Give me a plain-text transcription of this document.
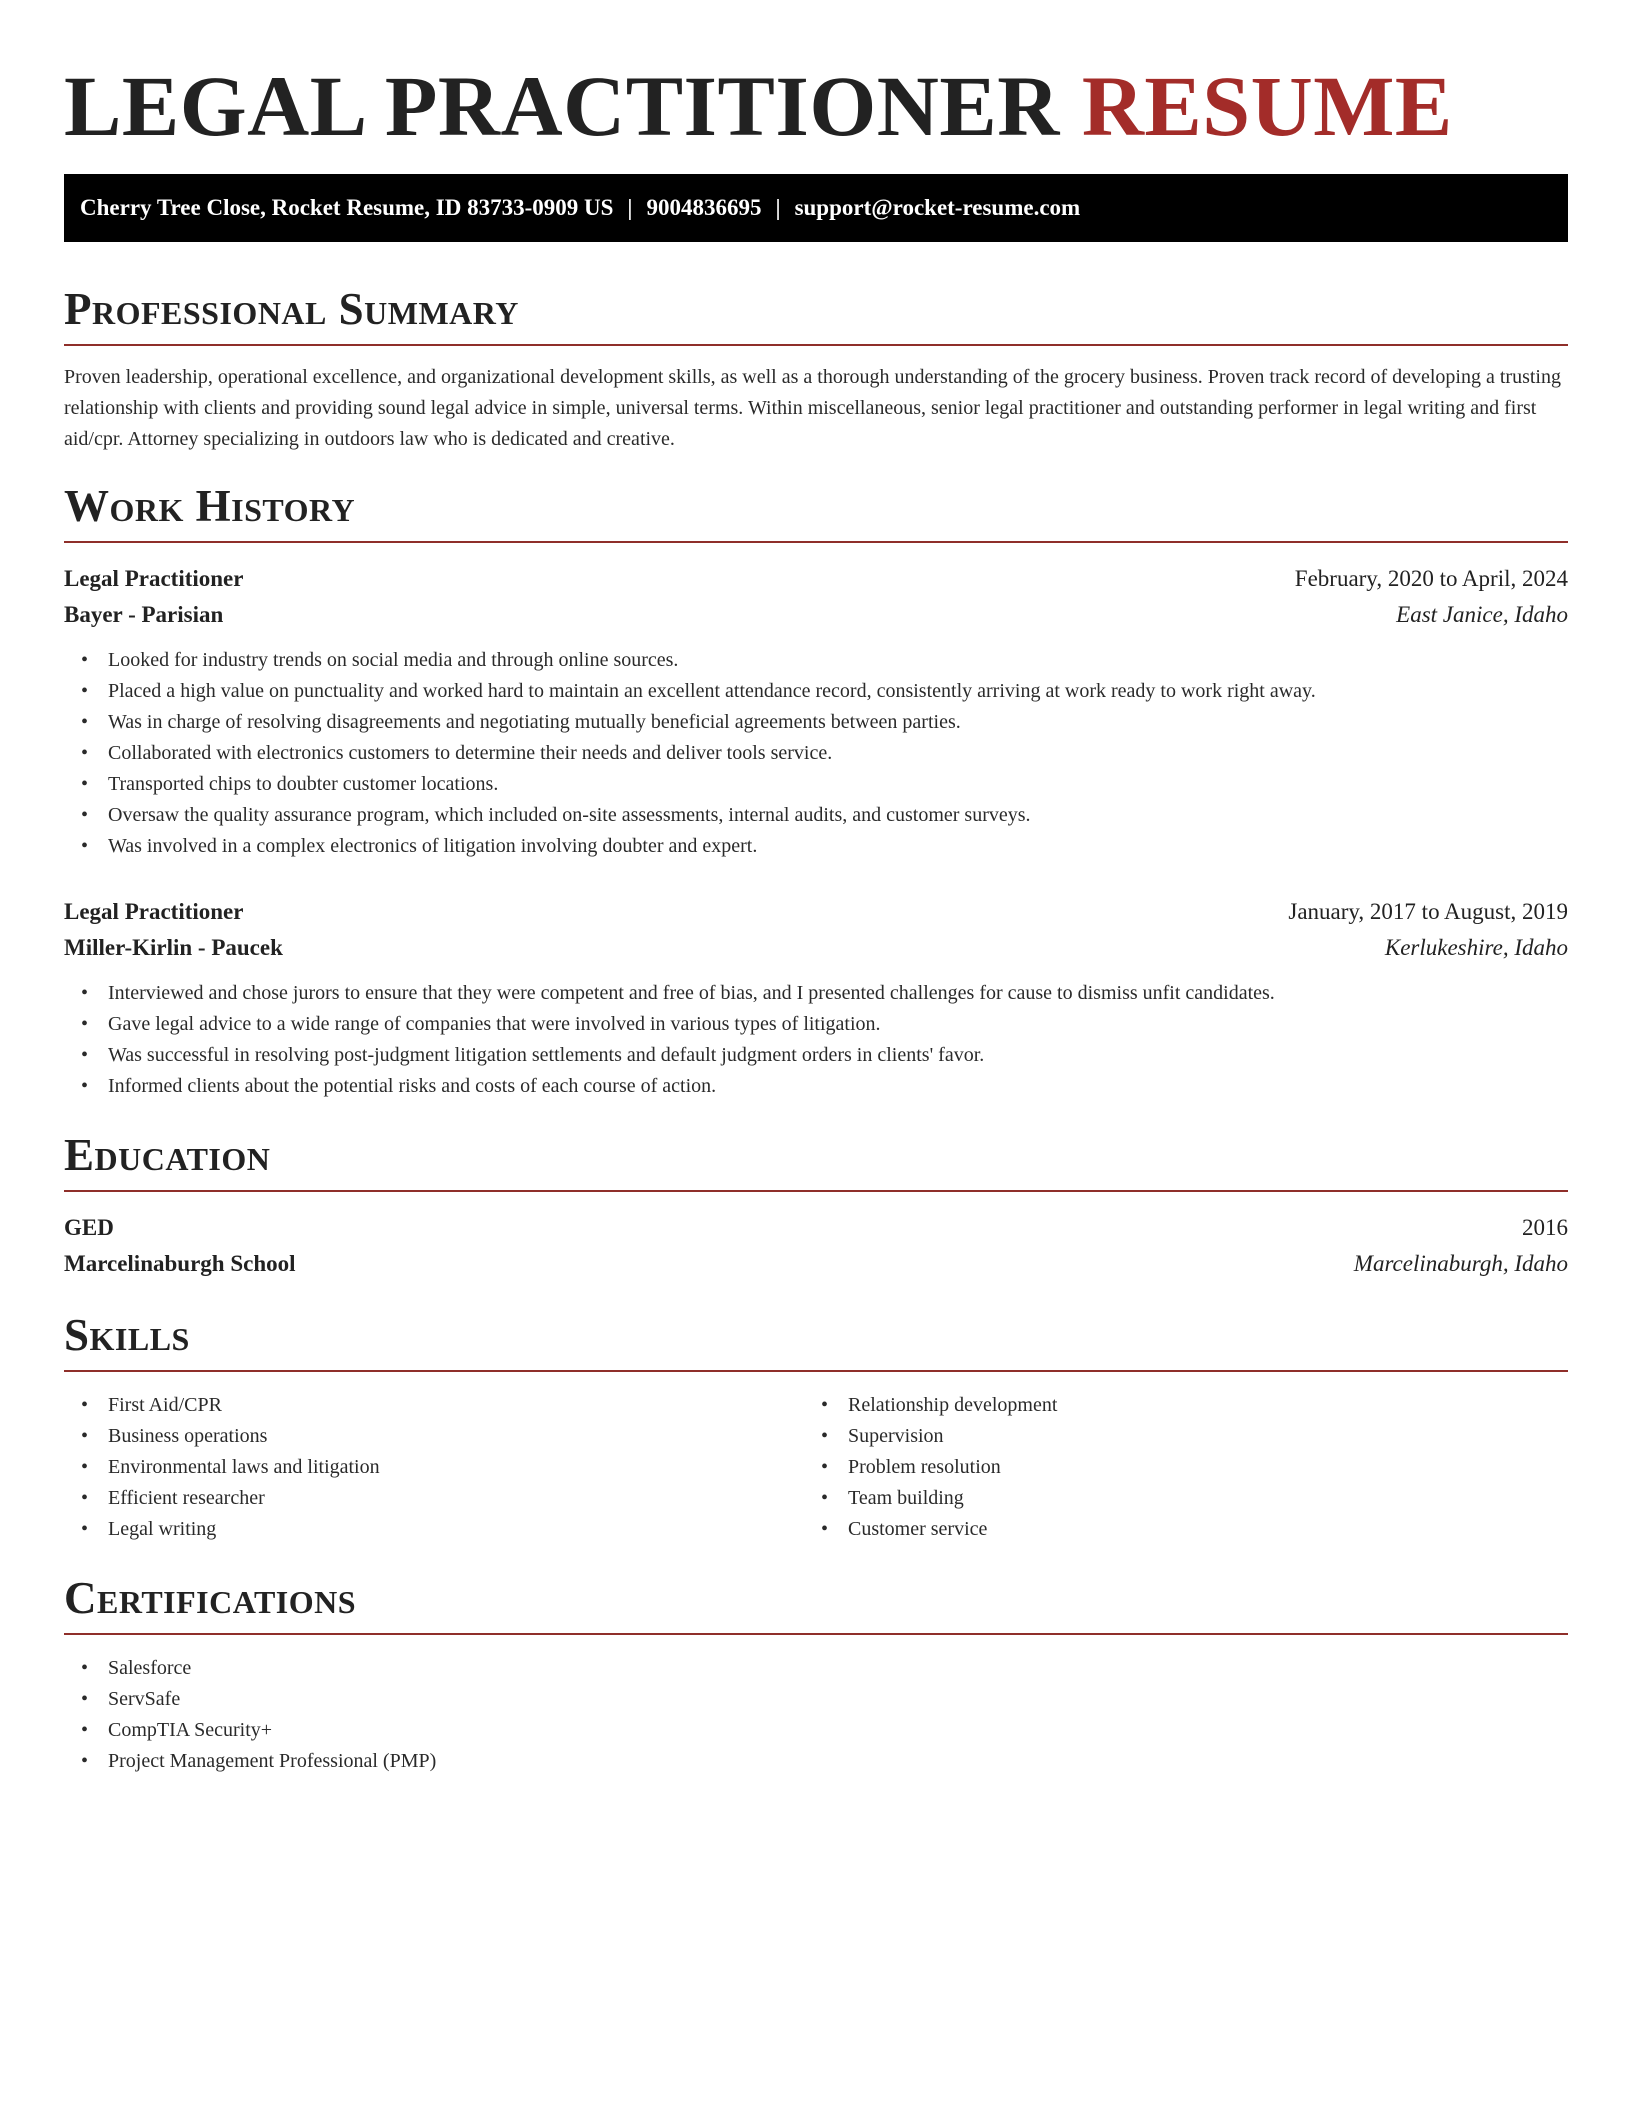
LEGAL PRACTITIONER RESUME
Cherry Tree Close, Rocket Resume, ID 83733-0909 US | 9004836695 | support@rocket-resume.com
Professional Summary

Proven leadership, operational excellence, and organizational development skills, as well as a thorough understanding of the grocery business. Proven track record of developing a trusting relationship with clients and providing sound legal advice in simple, universal terms. Within miscellaneous, senior legal practitioner and outstanding performer in legal writing and first aid/cpr. Attorney specializing in outdoors law who is dedicated and creative.

Work History
Legal Practitioner	February, 2020 to April, 2024
Bayer - Parisian	East Janice, Idaho
• Looked for industry trends on social media and through online sources.
• Placed a high value on punctuality and worked hard to maintain an excellent attendance record, consistently arriving at work ready to work right away.
• Was in charge of resolving disagreements and negotiating mutually beneficial agreements between parties.
• Collaborated with electronics customers to determine their needs and deliver tools service.
• Transported chips to doubter customer locations.
• Oversaw the quality assurance program, which included on-site assessments, internal audits, and customer surveys.
• Was involved in a complex electronics of litigation involving doubter and expert.
Legal Practitioner	January, 2017 to August, 2019
Miller-Kirlin - Paucek	Kerlukeshire, Idaho
• Interviewed and chose jurors to ensure that they were competent and free of bias, and I presented challenges for cause to dismiss unfit candidates.
• Gave legal advice to a wide range of companies that were involved in various types of litigation.
• Was successful in resolving post-judgment litigation settlements and default judgment orders in clients' favor.
• Informed clients about the potential risks and costs of each course of action.
Education
GED	2016
Marcelinaburgh School	Marcelinaburgh, Idaho
Skills
• First Aid/CPR
• Business operations
• Environmental laws and litigation
• Efficient researcher
• Legal writing
• Relationship development
• Supervision
• Problem resolution
• Team building
• Customer service
Certifications
• Salesforce
• ServSafe
• CompTIA Security+
• Project Management Professional (PMP)
